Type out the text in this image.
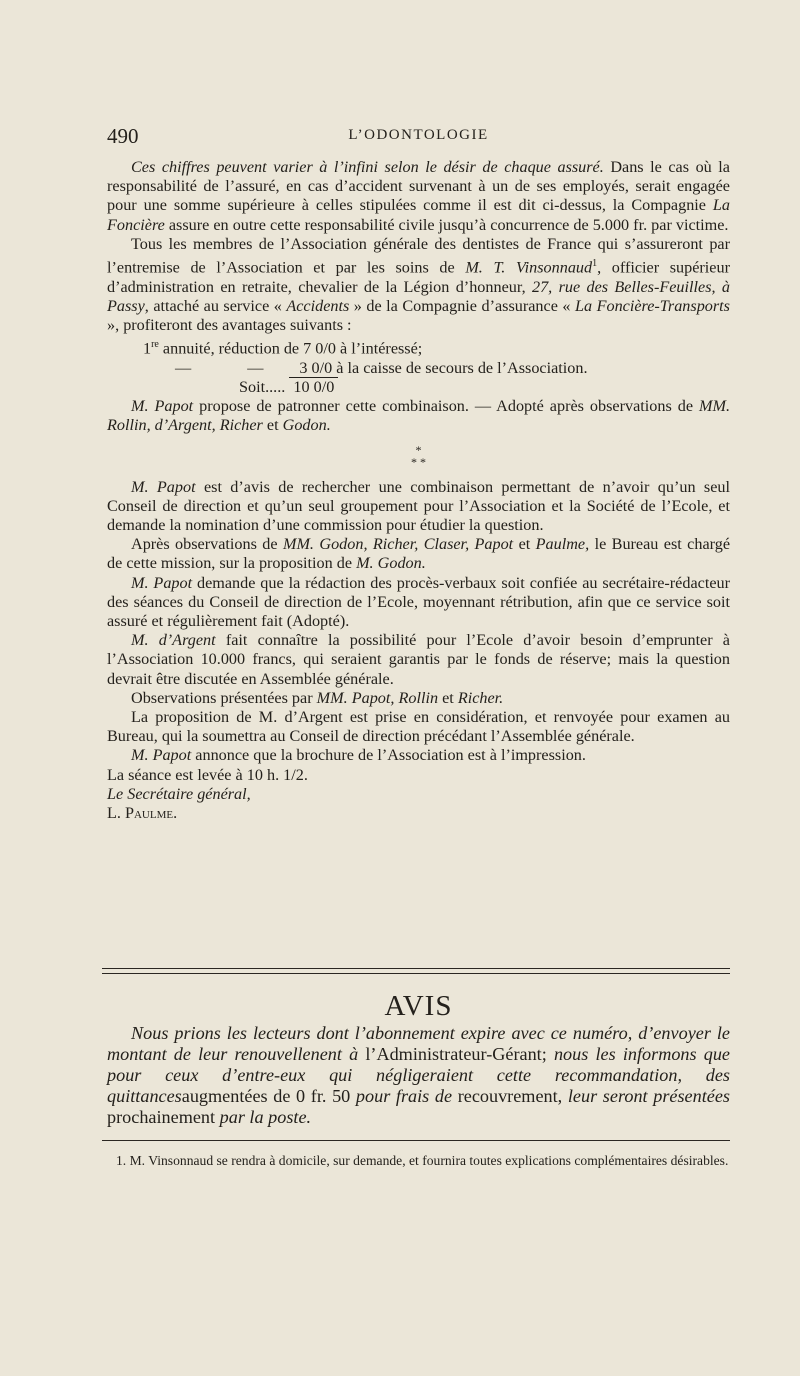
490	L’ODONTOLOGIE

Ces chiffres peuvent varier à l’infini selon le désir de chaque assuré. Dans le cas où la responsabilité de l’assuré, en cas d’accident survenant à un de ses employés, serait engagée pour une somme supérieure à celles stipulées comme il est dit ci-dessus, la Compagnie La Foncière assure en outre cette responsabilité civile jusqu’à concurrence de 5.000 fr. par victime.

Tous les membres de l’Association générale des dentistes de France qui s’assureront par l’entremise de l’Association et par les soins de M. T. Vinsonnaud$^1$, officier supérieur d’administration en retraite, chevalier de la Légion d’honneur, 27, rue des Belles-Feuilles, à Passy, attaché au service « Accidents » de la Compagnie d’assurance « La Foncière-Transports », profiteront des avantages suivants :

1re annuité, réduction de 7 0/0 à l’intéressé;

—	— 3 0/0 à la caisse de secours de l’Association.

Soit..... 10 0/0

M. Papot propose de patronner cette combinaison. — Adopté après observations de MM. Rollin, d’Argent, Richer et Godon.

*
* *

M. Papot est d’avis de rechercher une combinaison permettant de n’avoir qu’un seul Conseil de direction et qu’un seul groupement pour l’Association et la Société de l’Ecole, et demande la nomination d’une commission pour étudier la question.

Après observations de MM. Godon, Richer, Claser, Papot et Paulme, le Bureau est chargé de cette mission, sur la proposition de M. Godon.

M. Papot demande que la rédaction des procès-verbaux soit confiée au secrétaire-rédacteur des séances du Conseil de direction de l’Ecole, moyennant rétribution, afin que ce service soit assuré et régulièrement fait (Adopté).

M. d’Argent fait connaître la possibilité pour l’Ecole d’avoir besoin d’emprunter à l’Association 10.000 francs, qui seraient garantis par le fonds de réserve; mais la question devrait être discutée en Assemblée générale.

Observations présentées par MM. Papot, Rollin et Richer.

La proposition de M. d’Argent est prise en considération, et renvoyée pour examen au Bureau, qui la soumettra au Conseil de direction précédant l’Assemblée générale.

M. Papot annonce que la brochure de l’Association est à l’impression.

La séance est levée à 10 h. 1/2.

Le Secrétaire général,

L. Paulme.

AVIS
Nous prions les lecteurs dont l’abonnement expire avec ce numéro, d’envoyer le montant de leur renouvellenent à l’Administrateur-Gérant; nous les informons que pour ceux d’entre-eux qui négligeraient cette recommandation, des quittancesaugmentées de 0 fr. 50 pour frais de recouvrement, leur seront présentées prochainement par la poste.

1. M. Vinsonnaud se rendra à domicile, sur demande, et fournira toutes explications complémentaires désirables.
